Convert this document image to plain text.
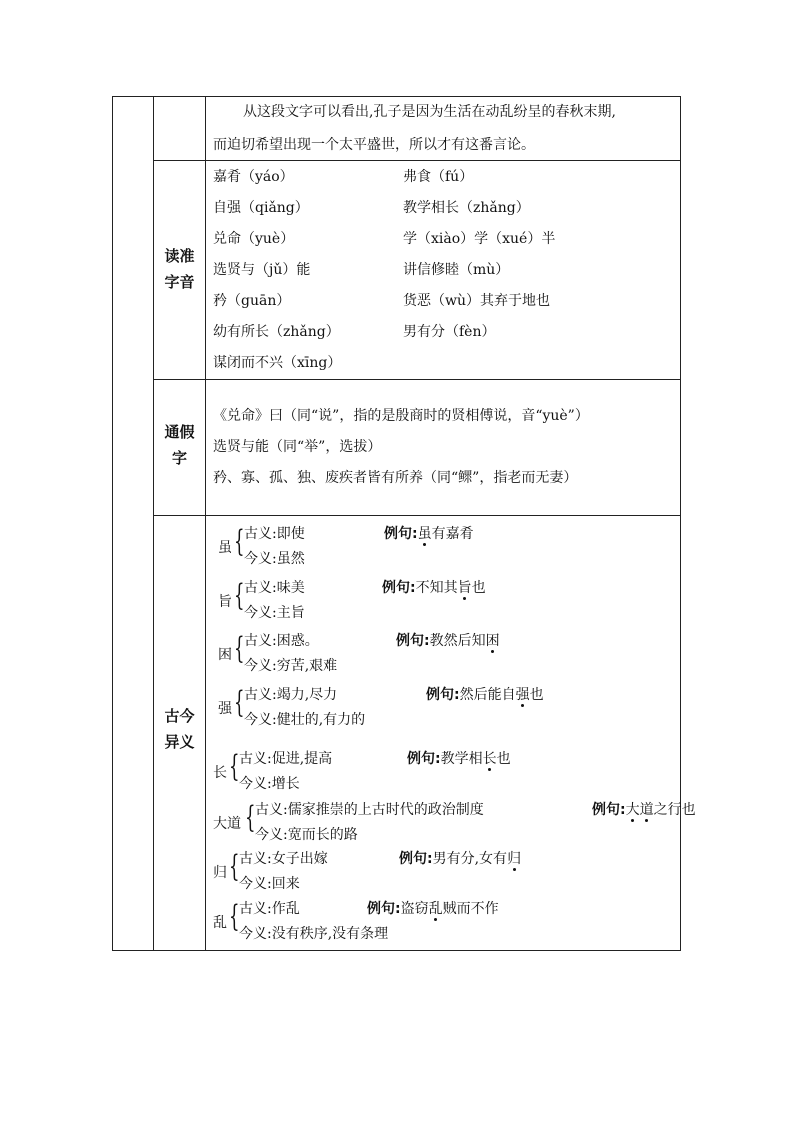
从这段文字可以看出,孔子是因为生活在动乱纷呈的春秋末期,
而迫切希望出现一个太平盛世，所以才有这番言论。
读准
字音
嘉肴（yáo）	弗食（fú）
自强（qiǎng）	教学相长（zhǎng）
兑命（yuè）	学（xiào）学（xué）半
选贤与（jǔ）能	讲信修睦（mù）
矜（guān）	货恶（wù）其弃于地也
幼有所长（zhǎng）	男有分（fèn）
谋闭而不兴（xīng）
通假
字
《兑命》曰（同“说”，指的是殷商时的贤相傅说，音“yuè”）
选贤与能（同“举”，选拔）
矜、寡、孤、独、废疾者皆有所养（同“鳏”，指老而无妻）
古今
异义
虽 { 古义:即使	例句:虽有嘉肴
今义:虽然
旨 { 古义:味美	例句:不知其旨也
今义:主旨
困 { 古义:困惑。	例句:教然后知困
今义:穷苦,艰难
强 { 古义:竭力,尽力	例句:然后能自强也
今义:健壮的,有力的
长 { 古义:促进,提高	例句:教学相长也
今义:增长
大道 { 古义:儒家推崇的上古时代的政治制度	例句:大道之行也
今义:宽而长的路
归 { 古义:女子出嫁	例句:男有分,女有归
今义:回来
乱 { 古义:作乱	例句:盗窃乱贼而不作
今义:没有秩序,没有条理
